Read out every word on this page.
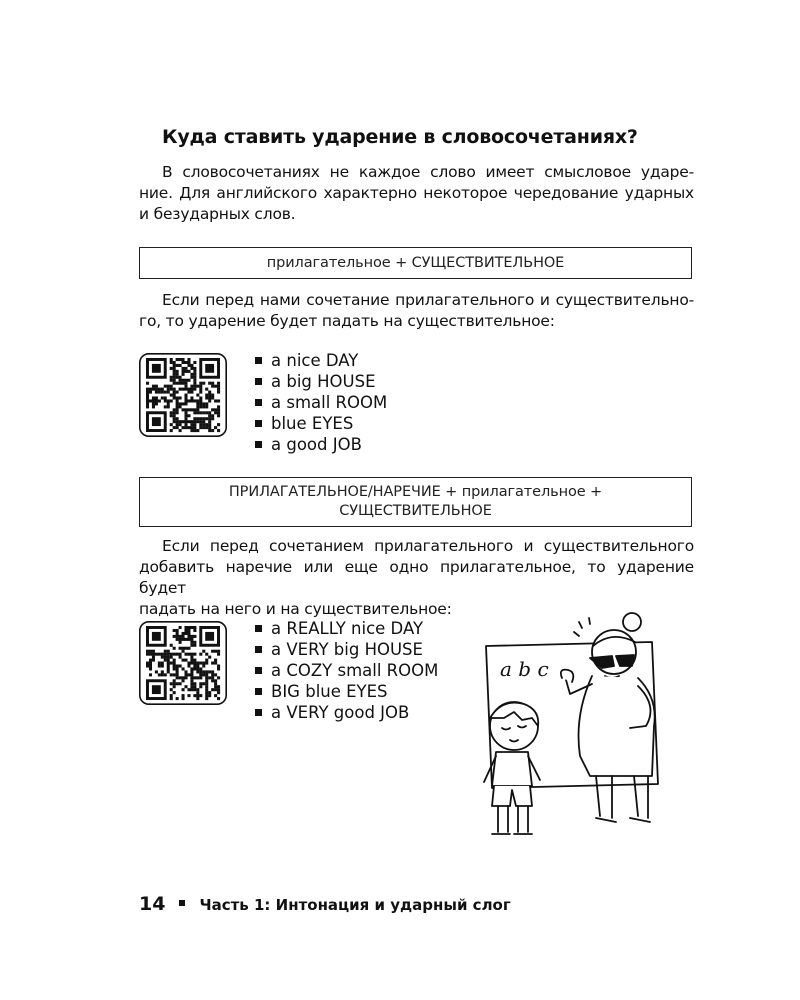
Куда ставить ударение в словосочетаниях?

В словосочетаниях не каждое слово имеет смысловое ударе-
ние. Для английского характерно некоторое чередование ударных
и безударных слов.

прилагательное + СУЩЕСТВИТЕЛЬНОЕ

Если перед нами сочетание прилагательного и существительно-
го, то ударение будет падать на существительное:

a nice DAY
a big HOUSE
a small ROOM
blue EYES
a good JOB
ПРИЛАГАТЕЛЬНОЕ/НАРЕЧИЕ + прилагательное +
СУЩЕСТВИТЕЛЬНОЕ

Если перед сочетанием прилагательного и существительного
добавить наречие или еще одно прилагательное, то ударение будет
падать на него и на существительное:

a REALLY nice DAY
a VERY big HOUSE
a COZY small ROOM
BIG blue EYES
a VERY good JOB
a b c
14 Часть 1: Интонация и ударный слог
